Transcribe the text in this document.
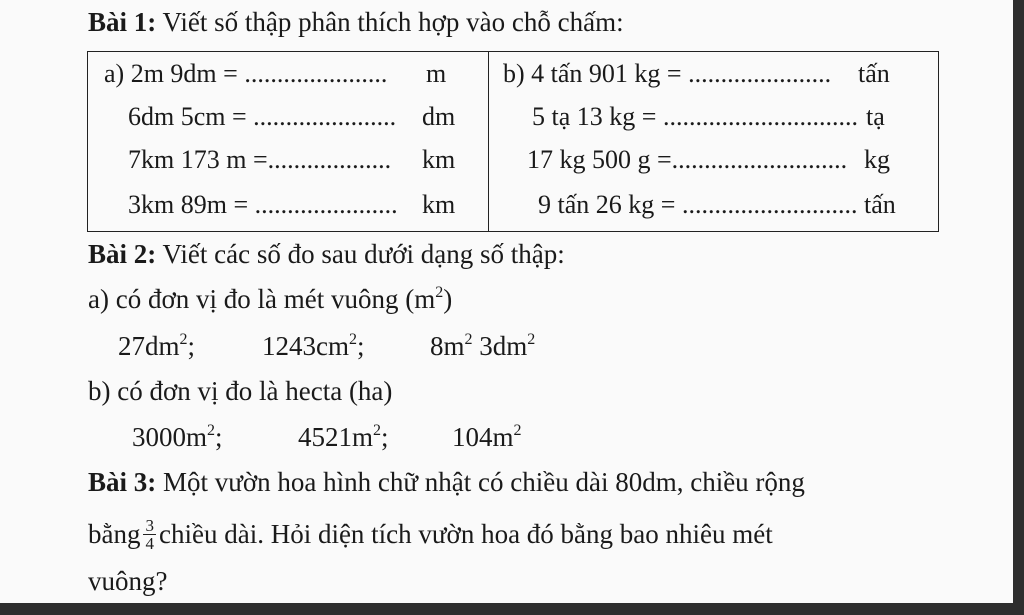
Bài 1: Viết số thập phân thích hợp vào chỗ chấm:
a) 2m 9dm = ...................... m
6dm 5cm = ...................... dm
7km 173 m =................... km
3km 89m = ...................... km
b) 4 tấn 901 kg = ...................... tấn
5 tạ 13 kg = .............................. tạ
17 kg 500 g =........................... kg
9 tấn 26 kg = ........................... tấn
Bài 2: Viết các số đo sau dưới dạng số thập:
a) có đơn vị đo là mét vuông $(m^2)$
$27dm^2$; $1243cm^2$; $8m^2$ $3dm^2$
b) có đơn vị đo là hecta (ha)
$3000m^2$;	$4521m^2$; $104m^2$
Bài 3: Một vườn hoa hình chữ nhật có chiều dài 80dm, chiều rộng
bằng $\frac{3}{4}$ chiều dài. Hỏi diện tích vườn hoa đó bằng bao nhiêu mét
vuông?
